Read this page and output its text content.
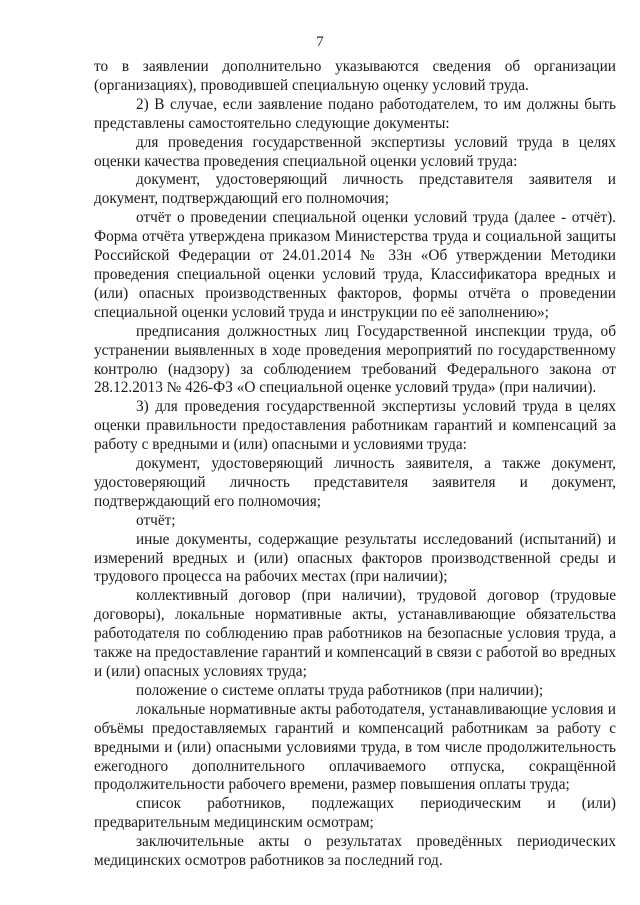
7

то в заявлении дополнительно указываются сведения об организации (организациях), проводившей специальную оценку условий труда.

2) В случае, если заявление подано работодателем, то им должны быть представлены самостоятельно следующие документы:

для проведения государственной экспертизы условий труда в целях оценки качества проведения специальной оценки условий труда:

документ, удостоверяющий личность представителя заявителя и документ, подтверждающий его полномочия;

отчёт о проведении специальной оценки условий труда (далее - отчёт). Форма отчёта утверждена приказом Министерства труда и социальной защиты Российской Федерации от 24.01.2014 № 33н «Об утверждении Методики проведения специальной оценки условий труда, Классификатора вредных и (или) опасных производственных факторов, формы отчёта о проведении специальной оценки условий труда и инструкции по её заполнению»;

предписания должностных лиц Государственной инспекции труда, об устранении выявленных в ходе проведения мероприятий по государственному контролю (надзору) за соблюдением требований Федерального закона от 28.12.2013 № 426-ФЗ «О специальной оценке условий труда» (при наличии).

3) для проведения государственной экспертизы условий труда в целях оценки правильности предоставления работникам гарантий и компенсаций за работу с вредными и (или) опасными и условиями труда:

документ, удостоверяющий личность заявителя, а также документ, удостоверяющий личность представителя заявителя и документ, подтверждающий его полномочия;

отчёт;

иные документы, содержащие результаты исследований (испытаний) и измерений вредных и (или) опасных факторов производственной среды и трудового процесса на рабочих местах (при наличии);

коллективный договор (при наличии), трудовой договор (трудовые договоры), локальные нормативные акты, устанавливающие обязательства работодателя по соблюдению прав работников на безопасные условия труда, а также на предоставление гарантий и компенсаций в связи с работой во вредных и (или) опасных условиях труда;

положение о системе оплаты труда работников (при наличии);

локальные нормативные акты работодателя, устанавливающие условия и объёмы предоставляемых гарантий и компенсаций работникам за работу с вредными и (или) опасными условиями труда, в том числе продолжительность ежегодного дополнительного оплачиваемого отпуска, сокращённой продолжительности рабочего времени, размер повышения оплаты труда;

список работников, подлежащих периодическим и (или) предварительным медицинским осмотрам;

заключительные акты о результатах проведённых периодических медицинских осмотров работников за последний год.
